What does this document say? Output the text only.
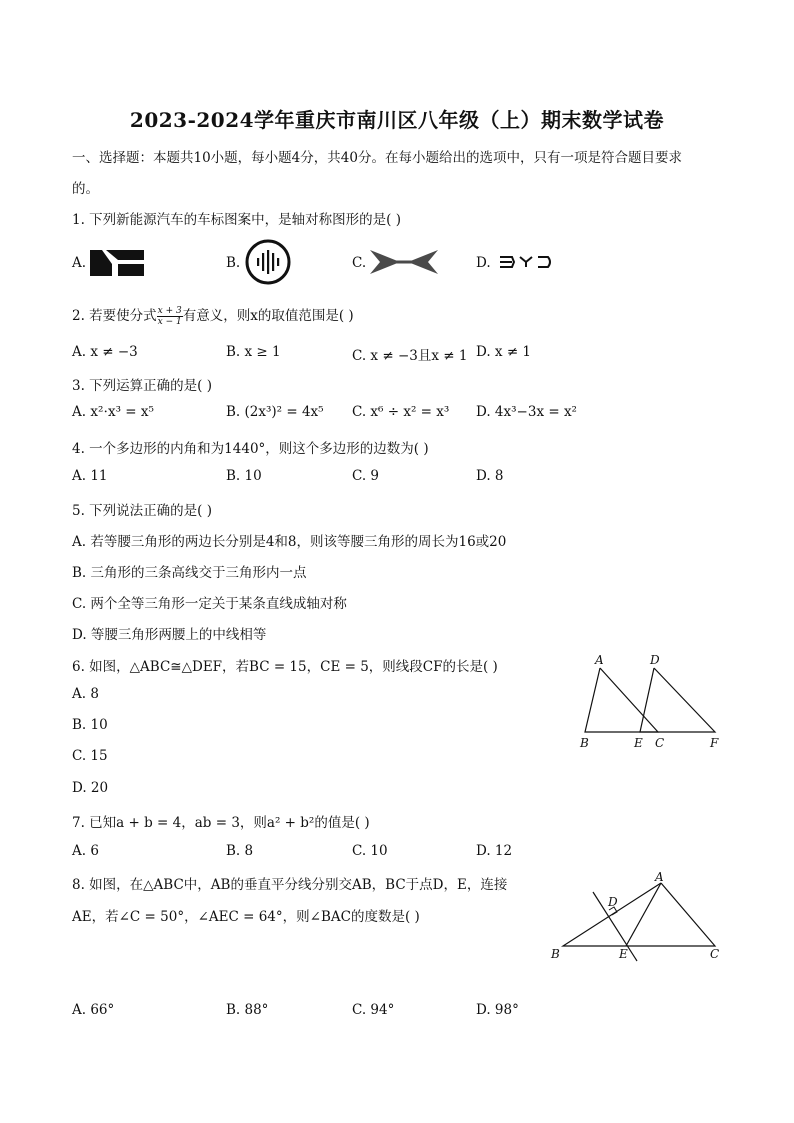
2023-2024学年重庆市南川区八年级（上）期末数学试卷
一、选择题：本题共10小题，每小题4分，共40分。在每小题给出的选项中，只有一项是符合题目要求
的。
1. 下列新能源汽车的车标图案中，是轴对称图形的是( )
A.	B.	C.	D.
2. 若要使分式 $\frac{x + 3}{x - 1}$ 有意义，则x的取值范围是( )
A. x ≠ −3	B. x ≥ 1	C. x ≠ −3且x ≠ 1 D. x ≠ 1
3. 下列运算正确的是( )
A. x²⋅x³ = x⁵	B. (2x³)² = 4x⁵ C. x⁶ ÷ x² = x³ D. 4x³−3x = x²
4. 一个多边形的内角和为1440°，则这个多边形的边数为( )
A. 11	B. 10	C. 9	D. 8
5. 下列说法正确的是( )
A. 若等腰三角形的两边长分别是4和8，则该等腰三角形的周长为16或20
B. 三角形的三条高线交于三角形内一点
C. 两个全等三角形一定关于某条直线成轴对称
D. 等腰三角形两腰上的中线相等
6. 如图，△ABC≅△DEF，若BC = 15，CE = 5，则线段CF的长是( )
A. 8
B. 10
C. 15
D. 20
A	D
B	E C	F
7. 已知a + b = 4，ab = 3，则a² + b²的值是( )
A. 6	B. 8	C. 10	D. 12
8. 如图，在△ABC中，AB的垂直平分线分别交AB，BC于点D，E，连接
AE，若∠C = 50°，∠AEC = 64°，则∠BAC的度数是( )
A
D
B	E	C
A. 66°	B. 88°	C. 94°	D. 98°
